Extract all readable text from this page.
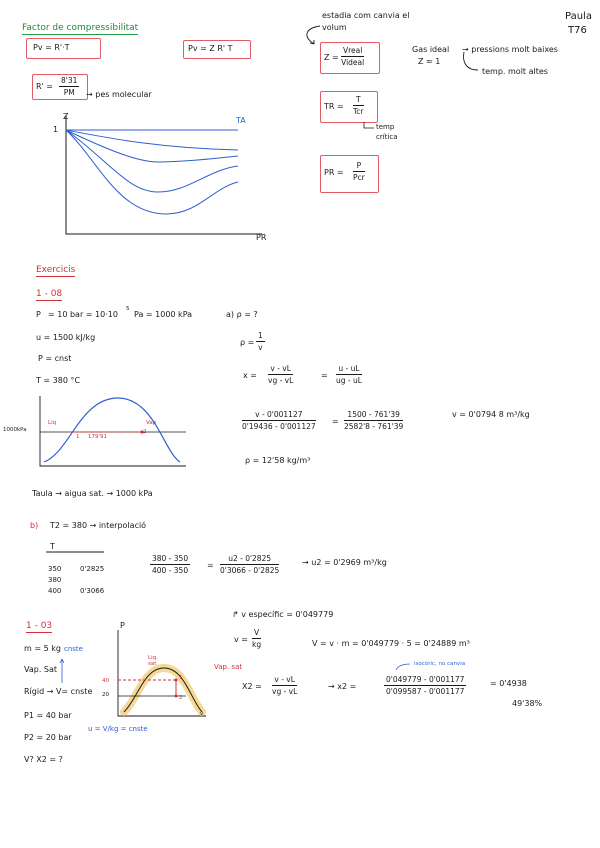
Factor de compressibilitat
Paula
T76
Pv = R'·T	Pv = Z R' T
$R' = \frac{8'31}{PM}$ → pes molecular
estadia com canvia el
volum
Z =
Vreal
Videal
Gas ideal
Z ≈ 1
→ pressions molt baixes
temp. molt altes
TR =
T
Tcr
temp
crítica
PR =
P
Pcr
Z
1
TA
PR
Exercicis
1 - 08
P = 10 bar = 10·10
5
Pa = 1000 kPa
u = 1500 kJ/kg
P = cnst
T = 380 °C
a) ρ = ?
$\rho = \frac{1}{v}$
$x = \frac{v - vL}{vg - vL}$	= $\frac{u - uL}{ug - uL}$
$\frac{v - 0'001127}{0'19436 - 0'001127} = \frac{1500 - 761'39}{2582'8 - 761'39}$	v = 0'0794 8 m³/kg
ρ = 12'58 kg/m³
1000kPa
Liq	Vap
1
2
179'91
Taula → aigua sat. → 1000 kPa
b) T2 = 380 → interpolació
T
350	0'2825
380
400	0'3066
$\frac{380 - 350}{400 - 350} = \frac{u2 - 0'2825}{0'3066 - 0'2825}$	→ u2 = 0'2969 m³/kg
1 - 03
m = 5 kg cnste
Vap. Sat
Rígid → V= cnste
P1 = 40 bar
P2 = 20 bar
V? X2 = ?
u = V/kg = cnste
P
40
20
v
Liq.
sat	Vap. sat
1
2
↱ v específic = 0'049779
$v = \frac{V}{kg}$	V = v · m = 0'049779 · 5 = 0'24889 m³
isocòric, no canvia
$X2 = \frac{v - vL}{vg - vL}$	→ x2 =	$\frac{0'049779 - 0'001177}{0'099587 - 0'001177}$	= 0'4938
49'38%
